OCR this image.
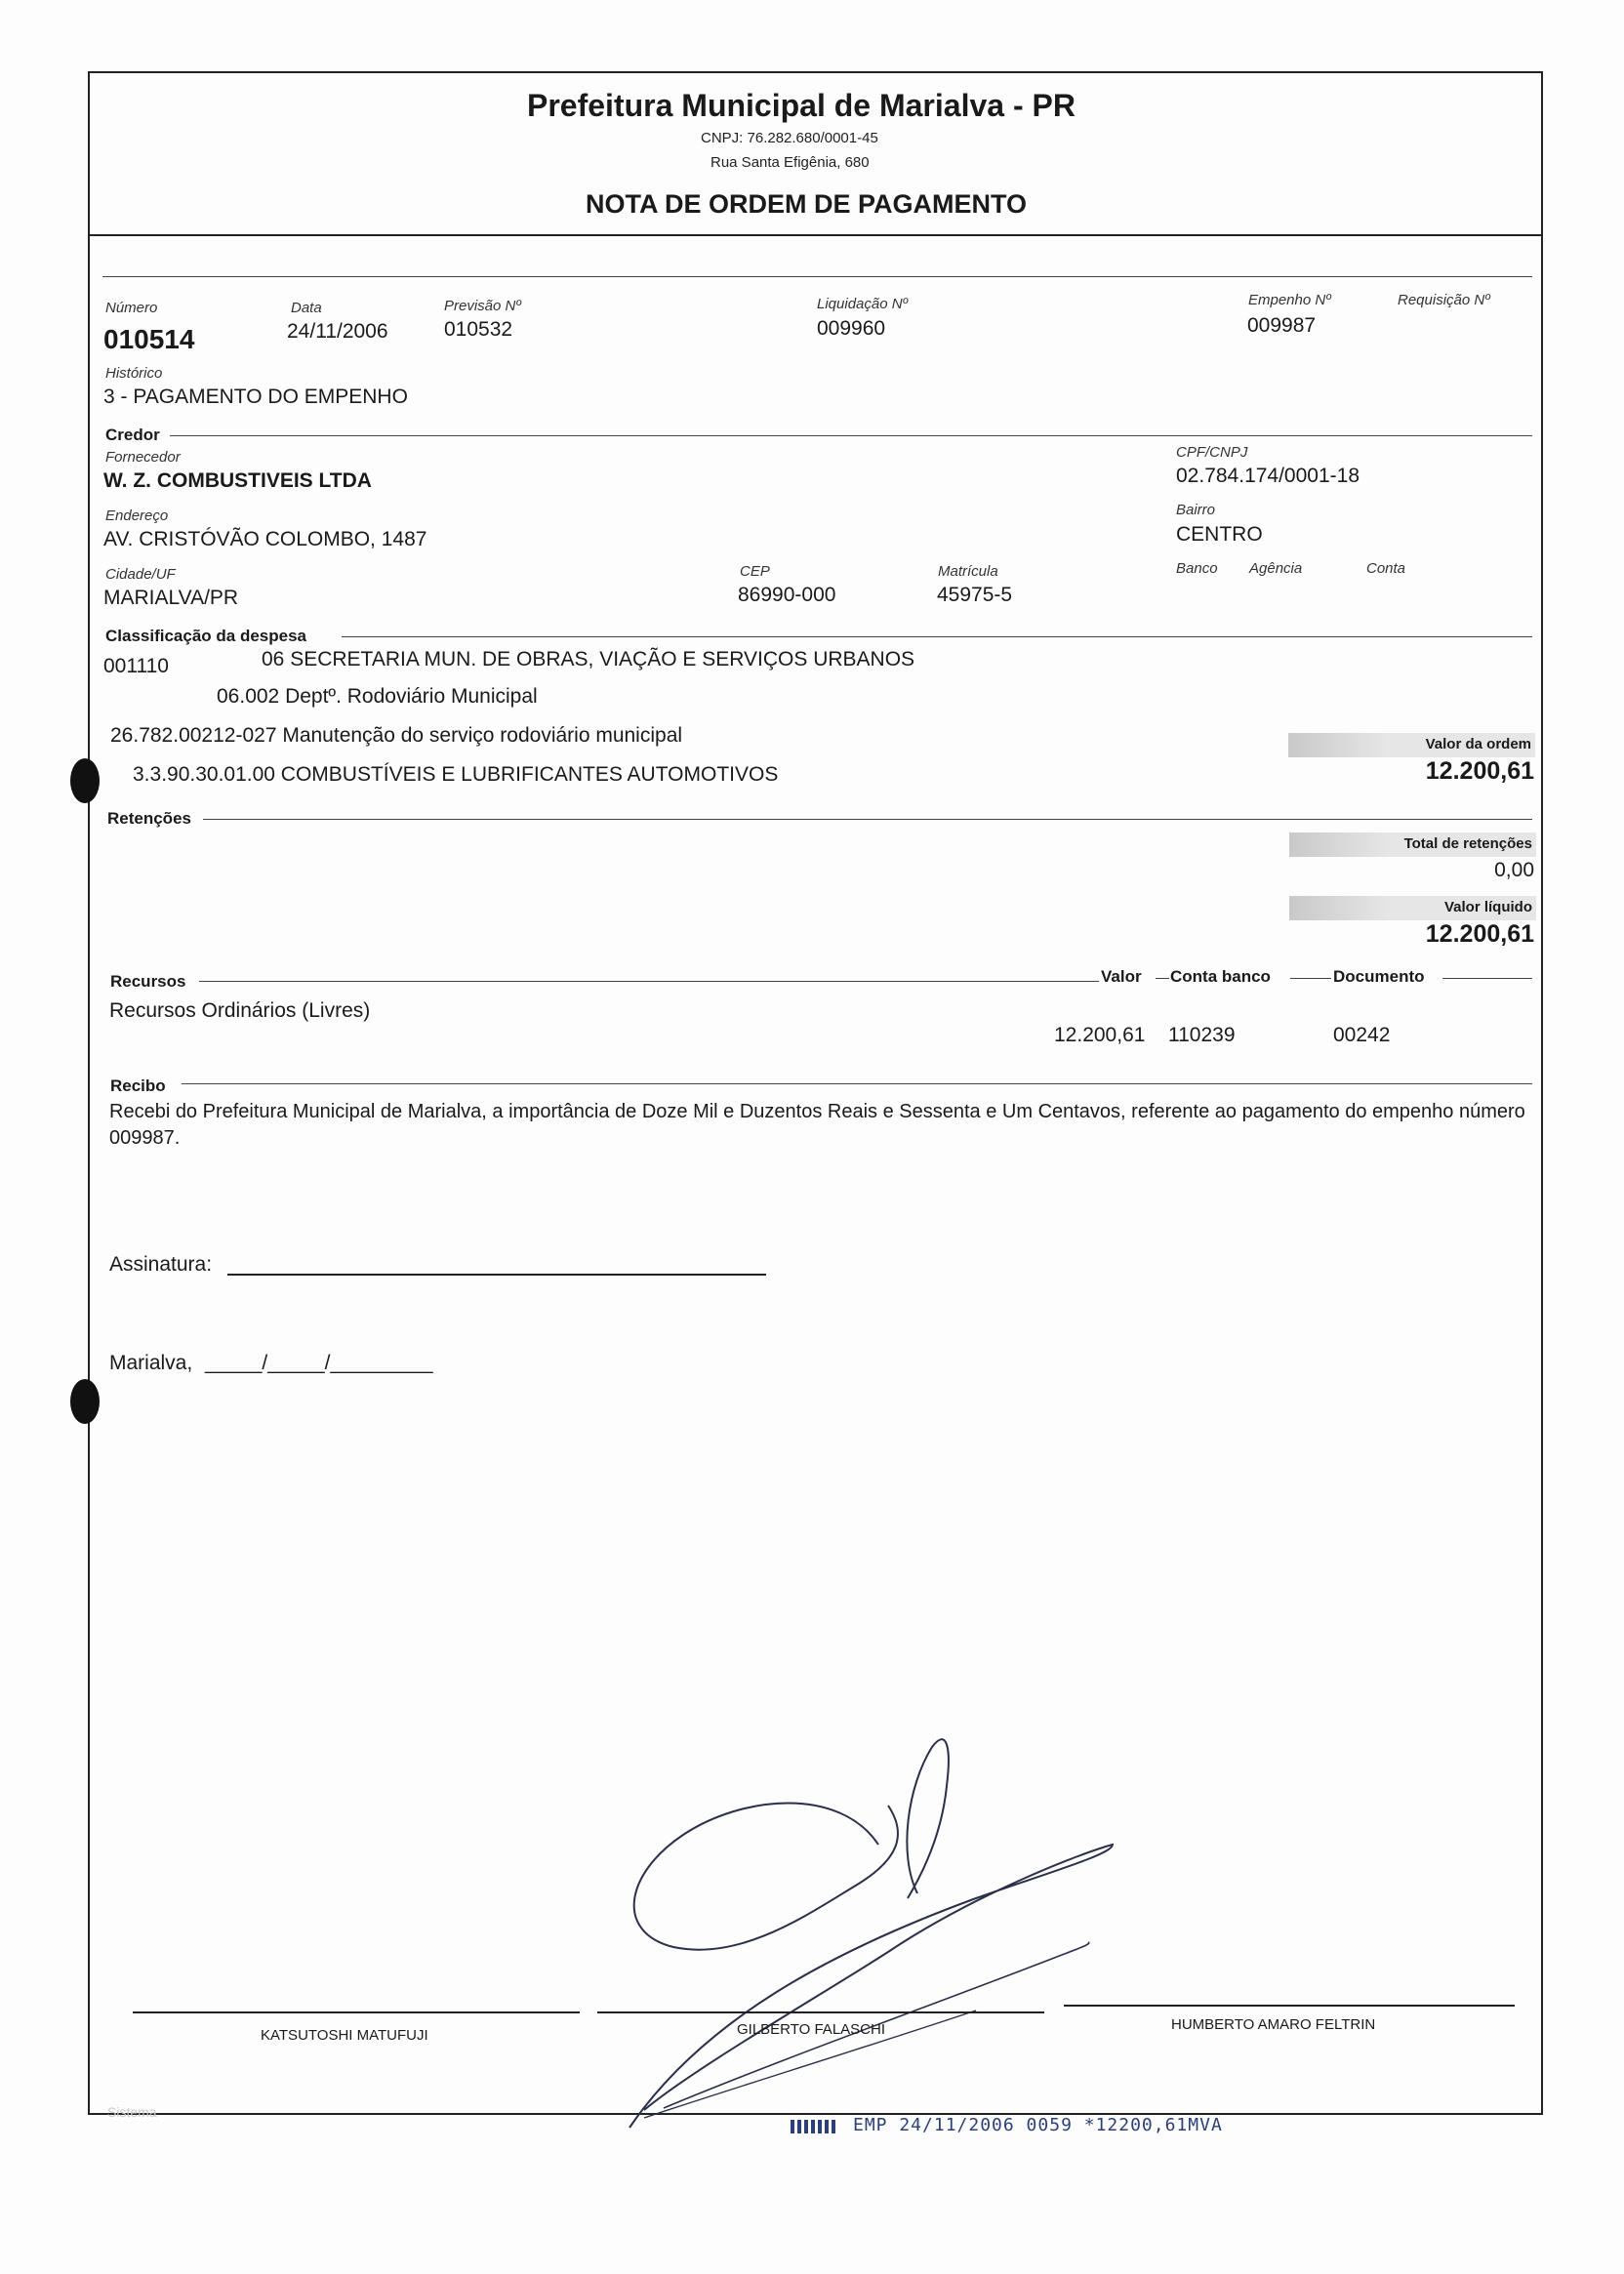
Prefeitura Municipal de Marialva - PR
CNPJ: 76.282.680/0001-45
Rua Santa Efigênia, 680
NOTA DE ORDEM DE PAGAMENTO
Número
010514
Data
24/11/2006
Previsão Nº
010532
Liquidação Nº
009960
Empenho Nº
009987
Requisição Nº
Histórico
3 - PAGAMENTO DO EMPENHO
Credor
Fornecedor
W. Z. COMBUSTIVEIS LTDA
CPF/CNPJ
02.784.174/0001-18
Endereço
AV. CRISTÓVÃO COLOMBO, 1487
Bairro
CENTRO
Cidade/UF
MARIALVA/PR
CEP
86990-000
Matrícula
45975-5
Banco Agência	Conta
Classificação da despesa
001110	06 SECRETARIA MUN. DE OBRAS, VIAÇÃO E SERVIÇOS URBANOS
06.002 Deptº. Rodoviário Municipal
26.782.00212-027 Manutenção do serviço rodoviário municipal
3.3.90.30.01.00 COMBUSTÍVEIS E LUBRIFICANTES AUTOMOTIVOS
Valor da ordem
12.200,61
Retenções
Total de retenções
0,00
Valor líquido
12.200,61
Recursos	Valor Conta banco	Documento
Recursos Ordinários (Livres)
12.200,61 110239	00242
Recibo
Recebi do Prefeitura Municipal de Marialva, a importância de Doze Mil e Duzentos Reais e Sessenta e Um Centavos, referente ao pagamento do empenho número 009987.
Assinatura:
Marialva, _____/_____/_________
KATSUTOSHI MATUFUJI	GILBERTO FALASCHI	HUMBERTO AMARO FELTRIN
Sistema
EMP 24/11/2006 0059 *12200,61MVA
